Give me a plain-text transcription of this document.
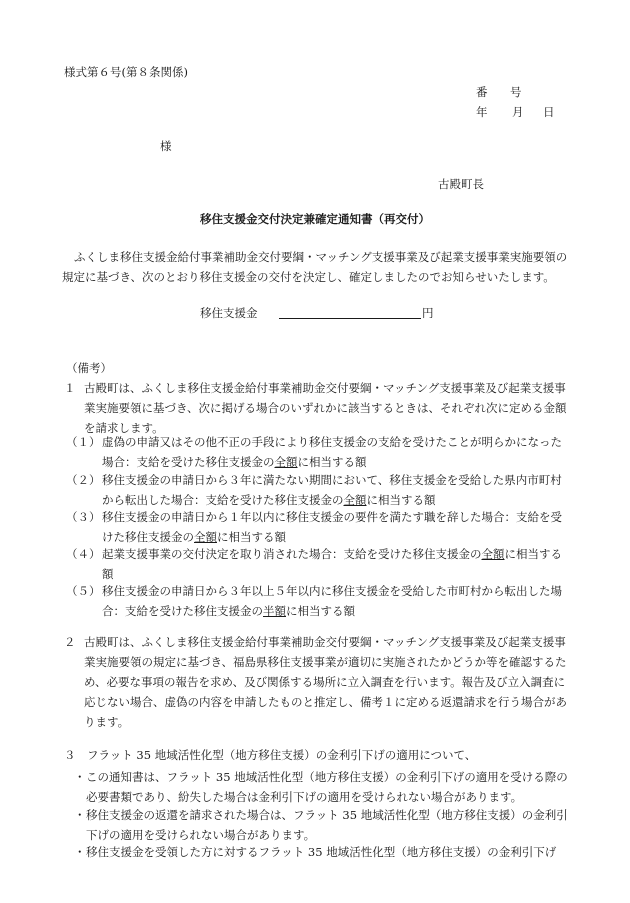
様式第６号(第８条関係)
番 号
年 月 日
様
古殿町長
移住支援金交付決定兼確定通知書（再交付）
ふくしま移住支援金給付事業補助金交付要綱・マッチング支援事業及び起業支援事業実施要領の規定に基づき、次のとおり移住支援金の交付を決定し、確定しましたのでお知らせいたします。
移住支援金	円
（備考）
１ 古殿町は、ふくしま移住支援金給付事業補助金交付要綱・マッチング支援事業及び起業支援事業実施要領に基づき、次に掲げる場合のいずれかに該当するときは、それぞれ次に定める金額を請求します。
（１） 虚偽の申請又はその他不正の手段により移住支援金の支給を受けたことが明らかになった場合：支給を受けた移住支援金の全額に相当する額
（２） 移住支援金の申請日から３年に満たない期間において、移住支援金を受給した県内市町村から転出した場合：支給を受けた移住支援金の全額に相当する額
（３） 移住支援金の申請日から１年以内に移住支援金の要件を満たす職を辞した場合：支給を受けた移住支援金の全額に相当する額
（４） 起業支援事業の交付決定を取り消された場合：支給を受けた移住支援金の全額に相当する額
（５） 移住支援金の申請日から３年以上５年以内に移住支援金を受給した市町村から転出した場合：支給を受けた移住支援金の半額に相当する額
２ 古殿町は、ふくしま移住支援金給付事業補助金交付要綱・マッチング支援事業及び起業支援事業実施要領の規定に基づき、福島県移住支援事業が適切に実施されたかどうか等を確認するため、必要な事項の報告を求め、及び関係する場所に立入調査を行います。報告及び立入調査に応じない場合、虚偽の内容を申請したものと推定し、備考１に定める返還請求を行う場合があります。
３　フラット 35 地域活性化型（地方移住支援）の金利引下げの適用について、
・ この通知書は、フラット 35 地域活性化型（地方移住支援）の金利引下げの適用を受ける際の必要書類であり、紛失した場合は金利引下げの適用を受けられない場合があります。
・ 移住支援金の返還を請求された場合は、フラット 35 地域活性化型（地方移住支援）の金利引下げの適用を受けられない場合があります。
・ 移住支援金を受領した方に対するフラット 35 地域活性化型（地方移住支援）の金利引下げ
